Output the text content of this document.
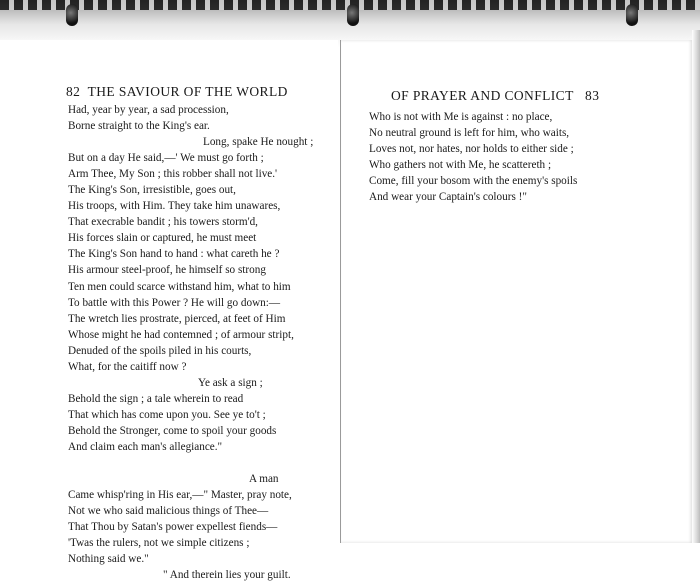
82 THE SAVIOUR OF THE WORLD
Had, year by year, a sad procession,
Borne straight to the King's ear.
Long, spake He nought ;
But on a day He said,—' We must go forth ;
Arm Thee, My Son ; this robber shall not live.'
The King's Son, irresistible, goes out,
His troops, with Him. They take him unawares,
That execrable bandit ; his towers storm'd,
His forces slain or captured, he must meet
The King's Son hand to hand : what careth he ?
His armour steel-proof, he himself so strong
Ten men could scarce withstand him, what to him
To battle with this Power ? He will go down:—
The wretch lies prostrate, pierced, at feet of Him
Whose might he had contemned ; of armour stript,
Denuded of the spoils piled in his courts,
What, for the caitiff now ?
Ye ask a sign ;
Behold the sign ; a tale wherein to read
That which has come upon you. See ye to't ;
Behold the Stronger, come to spoil your goods
And claim each man's allegiance."
A man
Came whisp'ring in His ear,—" Master, pray note,
Not we who said malicious things of Thee—
That Thou by Satan's power expellest fiends—
'Twas the rulers, not we simple citizens ;
Nothing said we."
" And therein lies your guilt.
OF PRAYER AND CONFLICT 83
Who is not with Me is against : no place,
No neutral ground is left for him, who waits,
Loves not, nor hates, nor holds to either side ;
Who gathers not with Me, he scattereth ;
Come, fill your bosom with the enemy's spoils
And wear your Captain's colours !"
